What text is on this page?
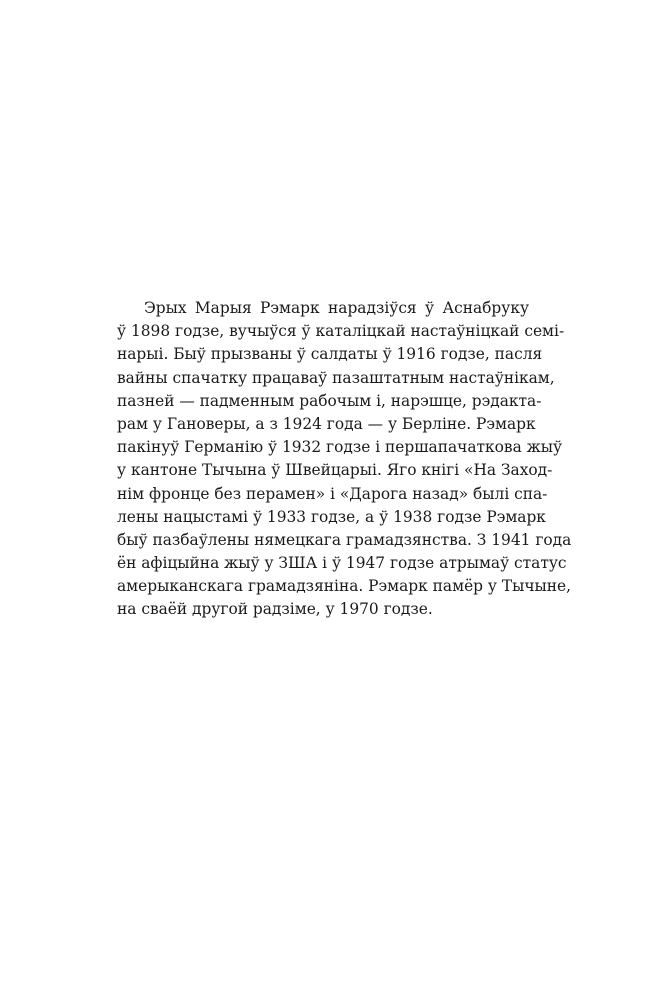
Эрых Марыя Рэмарк нарадзіўся ў Аснабруку
ў 1898 годзе, вучыўся ў каталіцкай настаўніцкай семі-
нарыі. Быў прызваны ў салдаты ў 1916 годзе, пасля
вайны спачатку працаваў пазаштатным настаўнікам,
пазней — падменным рабочым і, нарэшце, рэдакта-
рам у Гановеры, а з 1924 года — у Берліне. Рэмарк
пакінуў Германію ў 1932 годзе і першапачаткова жыў
у кантоне Тычына ў Швейцарыі. Яго кнігі «На Заход-
нім фронце без перамен» і «Дарога назад» былі спа-
лены нацыстамі ў 1933 годзе, а ў 1938 годзе Рэмарк
быў пазбаўлены нямецкага грамадзянства. З 1941 года
ён афіцыйна жыў у ЗША і ў 1947 годзе атрымаў статус
амерыканскага грамадзяніна. Рэмарк памёр у Тычыне,
на сваёй другой радзіме, у 1970 годзе.
